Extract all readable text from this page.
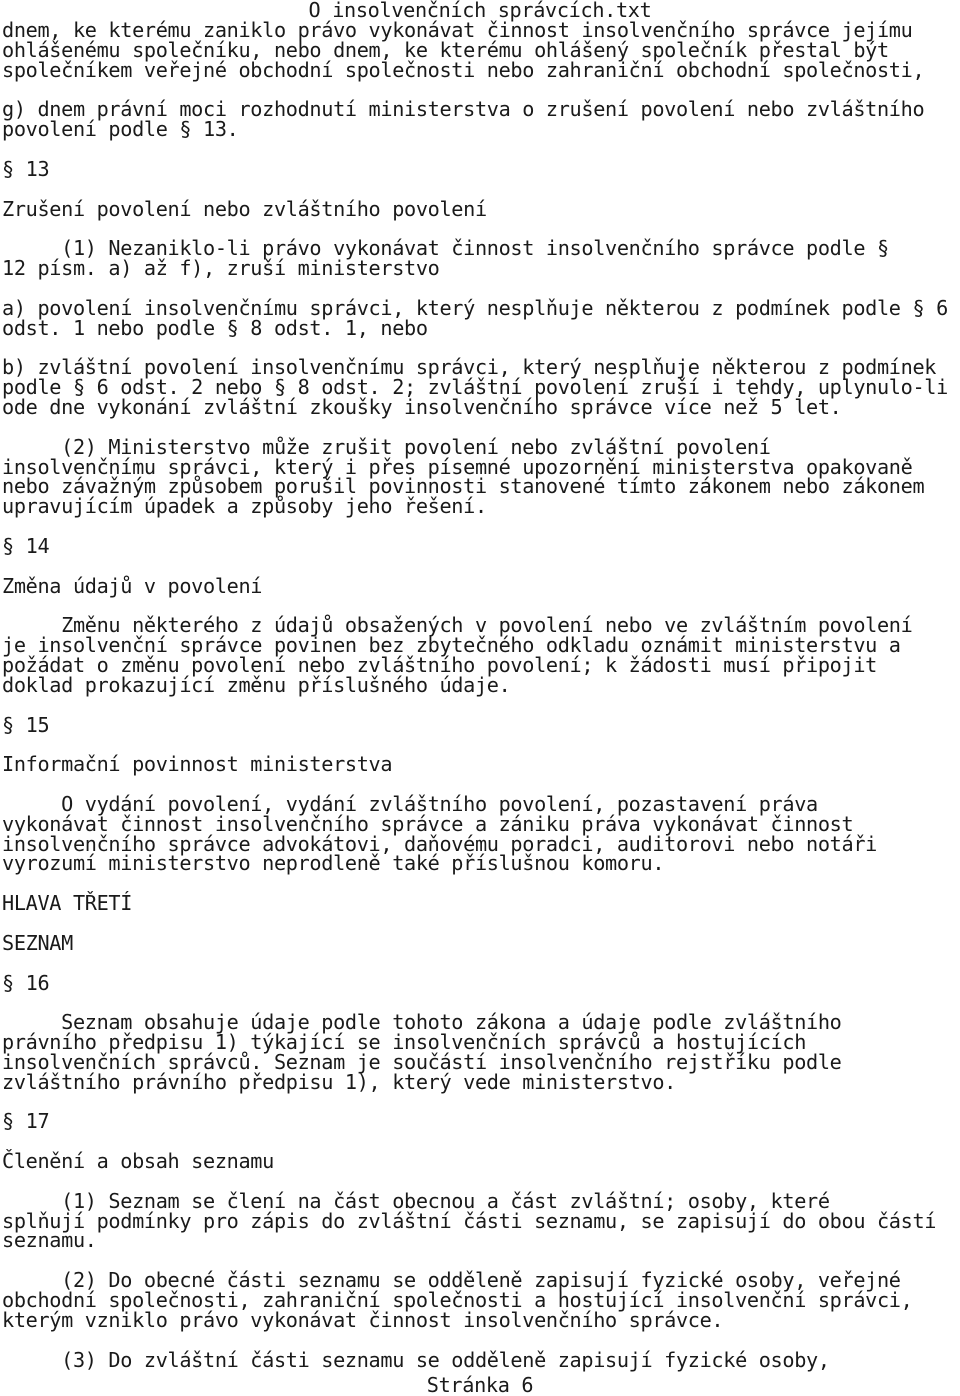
O insolvenčních správcích.txt

dnem, ke kterému zaniklo právo vykonávat činnost insolvenčního správce jejímu
ohlášenému společníku, nebo dnem, ke kterému ohlášený společník přestal být
společníkem veřejné obchodní společnosti nebo zahraniční obchodní společnosti,
g) dnem právní moci rozhodnutí ministerstva o zrušení povolení nebo zvláštního
povolení podle § 13.
§ 13
Zrušení povolení nebo zvláštního povolení
(1) Nezaniklo-li právo vykonávat činnost insolvenčního správce podle §
12 písm. a) až f), zruší ministerstvo
a) povolení insolvenčnímu správci, který nesplňuje některou z podmínek podle § 6
odst. 1 nebo podle § 8 odst. 1, nebo
b) zvláštní povolení insolvenčnímu správci, který nesplňuje některou z podmínek
podle § 6 odst. 2 nebo § 8 odst. 2; zvláštní povolení zruší i tehdy, uplynulo-li
ode dne vykonání zvláštní zkoušky insolvenčního správce více než 5 let.
(2) Ministerstvo může zrušit povolení nebo zvláštní povolení
insolvenčnímu správci, který i přes písemné upozornění ministerstva opakovaně
nebo závažným způsobem porušil povinnosti stanovené tímto zákonem nebo zákonem
upravujícím úpadek a způsoby jeho řešení.
§ 14
Změna údajů v povolení
Změnu některého z údajů obsažených v povolení nebo ve zvláštním povolení
je insolvenční správce povinen bez zbytečného odkladu oznámit ministerstvu a
požádat o změnu povolení nebo zvláštního povolení; k žádosti musí připojit
doklad prokazující změnu příslušného údaje.
§ 15
Informační povinnost ministerstva
O vydání povolení, vydání zvláštního povolení, pozastavení práva
vykonávat činnost insolvenčního správce a zániku práva vykonávat činnost
insolvenčního správce advokátovi, daňovému poradci, auditorovi nebo notáři
vyrozumí ministerstvo neprodleně také příslušnou komoru.
HLAVA TŘETÍ
SEZNAM
§ 16
Seznam obsahuje údaje podle tohoto zákona a údaje podle zvláštního
právního předpisu 1) týkající se insolvenčních správců a hostujících
insolvenčních správců. Seznam je součástí insolvenčního rejstříku podle
zvláštního právního předpisu 1), který vede ministerstvo.
§ 17
Členění a obsah seznamu
(1) Seznam se člení na část obecnou a část zvláštní; osoby, které
splňují podmínky pro zápis do zvláštní části seznamu, se zapisují do obou částí
seznamu.
(2) Do obecné části seznamu se odděleně zapisují fyzické osoby, veřejné
obchodní společnosti, zahraniční společnosti a hostující insolvenční správci,
kterým vzniklo právo vykonávat činnost insolvenčního správce.
(3) Do zvláštní části seznamu se odděleně zapisují fyzické osoby,

Stránka 6
